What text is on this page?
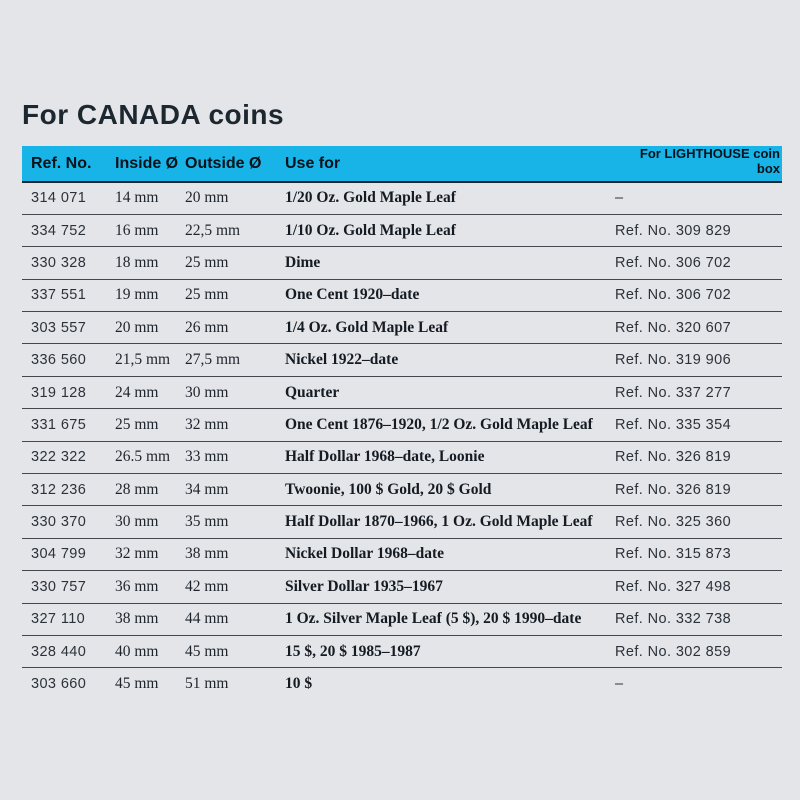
For CANADA coins
Ref. No.	Inside Ø	Outside Ø	Use for	For LIGHTHOUSE coin box
314 071	14 mm	20 mm	1/20 Oz. Gold Maple Leaf	–
334 752	16 mm	22,5 mm	1/10 Oz. Gold Maple Leaf	Ref. No. 309 829
330 328	18 mm	25 mm	Dime	Ref. No. 306 702
337 551	19 mm	25 mm	One Cent 1920–date	Ref. No. 306 702
303 557	20 mm	26 mm	1/4 Oz. Gold Maple Leaf	Ref. No. 320 607
336 560	21,5 mm	27,5 mm	Nickel 1922–date	Ref. No. 319 906
319 128	24 mm	30 mm	Quarter	Ref. No. 337 277
331 675	25 mm	32 mm	One Cent 1876–1920, 1/2 Oz. Gold Maple Leaf	Ref. No. 335 354
322 322	26.5 mm	33 mm	Half Dollar 1968–date, Loonie	Ref. No. 326 819
312 236	28 mm	34 mm	Twoonie, 100 $ Gold, 20 $ Gold	Ref. No. 326 819
330 370	30 mm	35 mm	Half Dollar 1870–1966, 1 Oz. Gold Maple Leaf	Ref. No. 325 360
304 799	32 mm	38 mm	Nickel Dollar 1968–date	Ref. No. 315 873
330 757	36 mm	42 mm	Silver Dollar 1935–1967	Ref. No. 327 498
327 110	38 mm	44 mm	1 Oz. Silver Maple Leaf (5 $), 20 $ 1990–date	Ref. No. 332 738
328 440	40 mm	45 mm	15 $, 20 $ 1985–1987	Ref. No. 302 859
303 660	45 mm	51 mm	10 $	–
